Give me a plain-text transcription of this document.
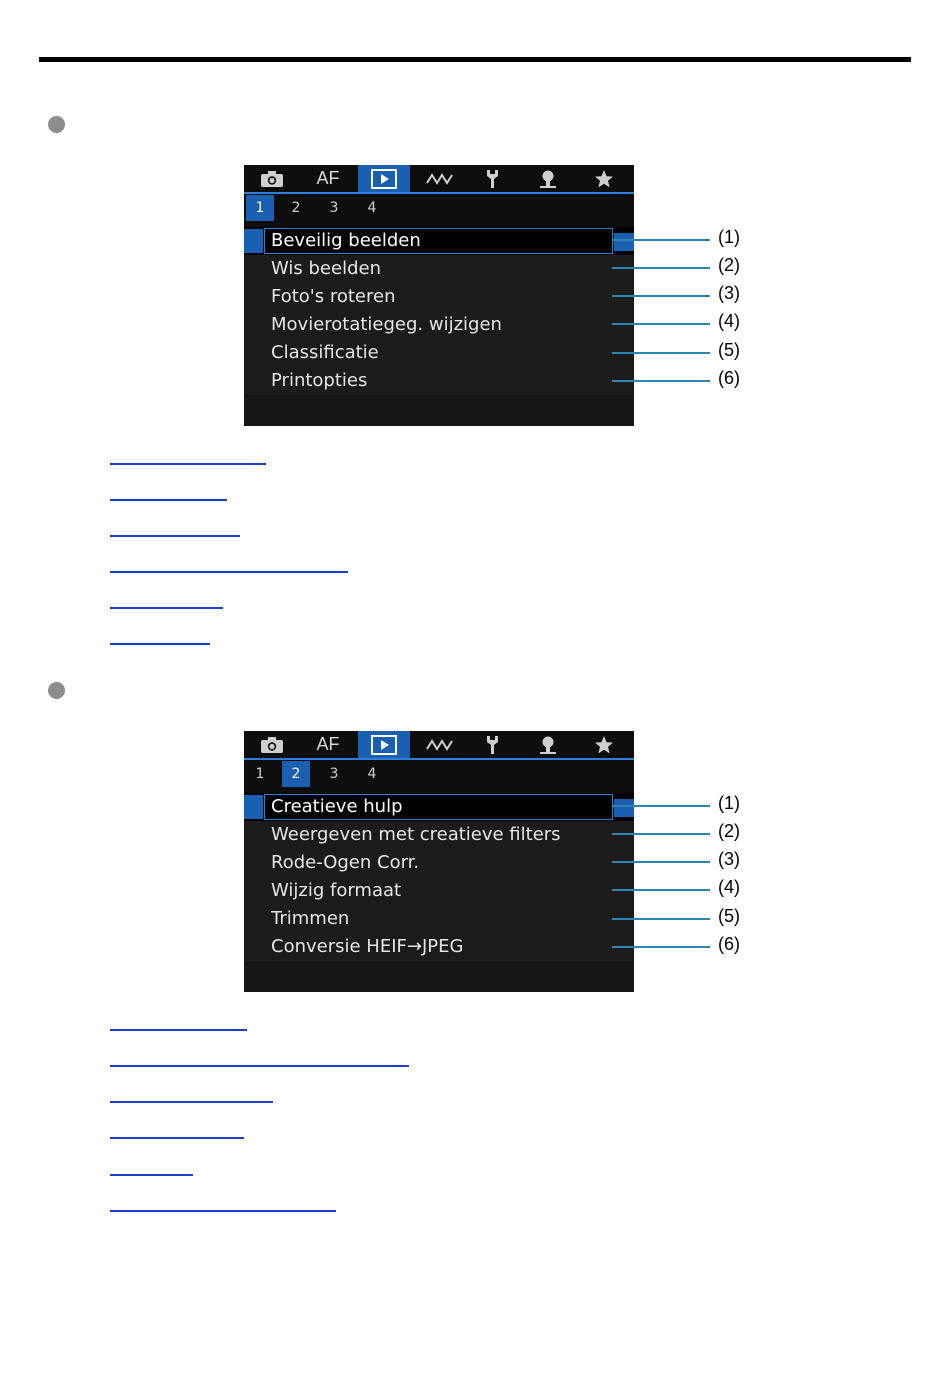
AF
1	2	3	4
Beveilig beelden
Wis beelden
Foto's roteren
Movierotatiegeg. wijzigen
Classificatie
Printopties
(1)
(2)
(3)
(4)
(5)
(6)
AF
1	2	3	4
Creatieve hulp
Weergeven met creatieve filters
Rode-Ogen Corr.
Wijzig formaat
Trimmen
Conversie HEIF→JPEG
(1)
(2)
(3)
(4)
(5)
(6)
